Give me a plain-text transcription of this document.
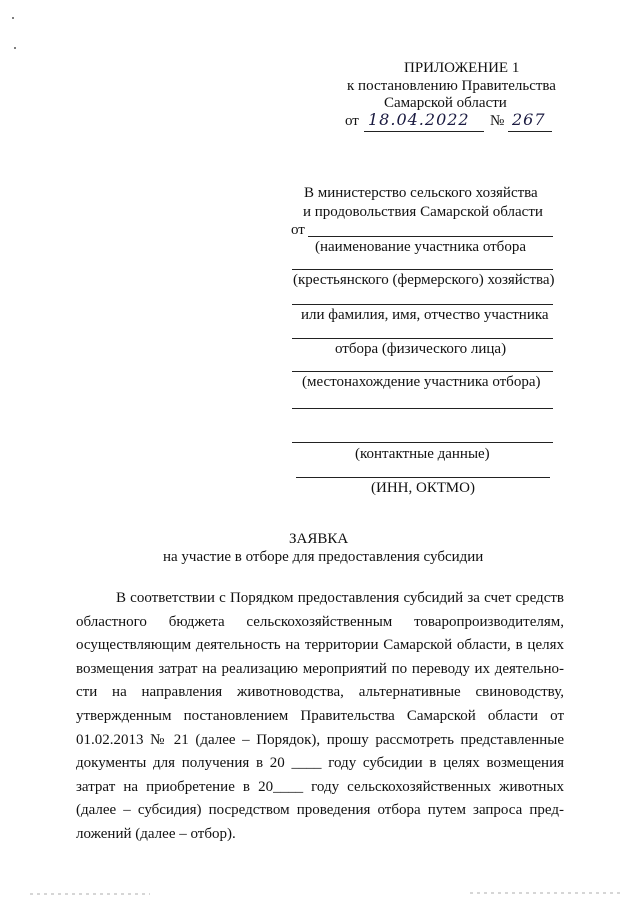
ПРИЛОЖЕНИЕ 1
к постановлению Правительства
Самарской области
от 18.04.2022 № 267
В министерство сельского хозяйства
и продовольствия Самарской области
от
(наименование участника отбора
(крестьянского (фермерского) хозяйства)
или фамилия, имя, отчество участника
отбора (физического лица)
(местонахождение участника отбора)
(контактные данные)
(ИНН, ОКТМО)
ЗАЯВКА
на участие в отборе для предоставления субсидии
В соответствии с Порядком предоставления субсидий за счет средств
областного бюджета сельскохозяйственным товаропроизводителям,
осуществляющим деятельность на территории Самарской области, в целях
возмещения затрат на реализацию мероприятий по переводу их деятельно-
сти на направления животноводства, альтернативные свиноводству,
утвержденным постановлением Правительства Самарской области от
01.02.2013 № 21 (далее – Порядок), прошу рассмотреть представленные
документы для получения в 20 ____ году субсидии в целях возмещения
затрат на приобретение в 20____ году сельскохозяйственных животных
(далее – субсидия) посредством проведения отбора путем запроса пред-
ложений (далее – отбор).
